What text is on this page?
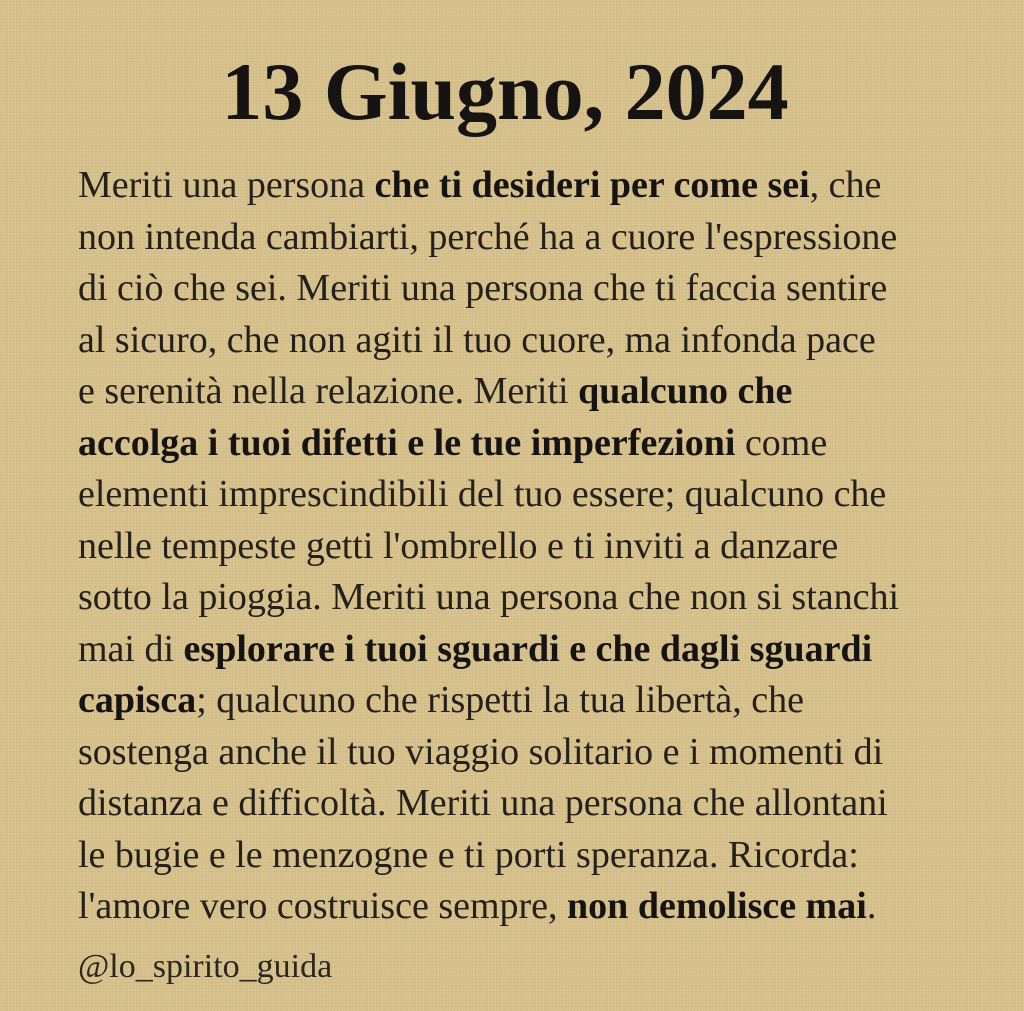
13 Giugno, 2024
Meriti una persona che ti desideri per come sei, che
non intenda cambiarti, perché ha a cuore l'espressione
di ciò che sei. Meriti una persona che ti faccia sentire
al sicuro, che non agiti il tuo cuore, ma infonda pace
e serenità nella relazione. Meriti qualcuno che
accolga i tuoi difetti e le tue imperfezioni come
elementi imprescindibili del tuo essere; qualcuno che
nelle tempeste getti l'ombrello e ti inviti a danzare
sotto la pioggia. Meriti una persona che non si stanchi
mai di esplorare i tuoi sguardi e che dagli sguardi
capisca; qualcuno che rispetti la tua libertà, che
sostenga anche il tuo viaggio solitario e i momenti di
distanza e difficoltà. Meriti una persona che allontani
le bugie e le menzogne e ti porti speranza. Ricorda:
l'amore vero costruisce sempre, non demolisce mai.
@lo_spirito_guida
